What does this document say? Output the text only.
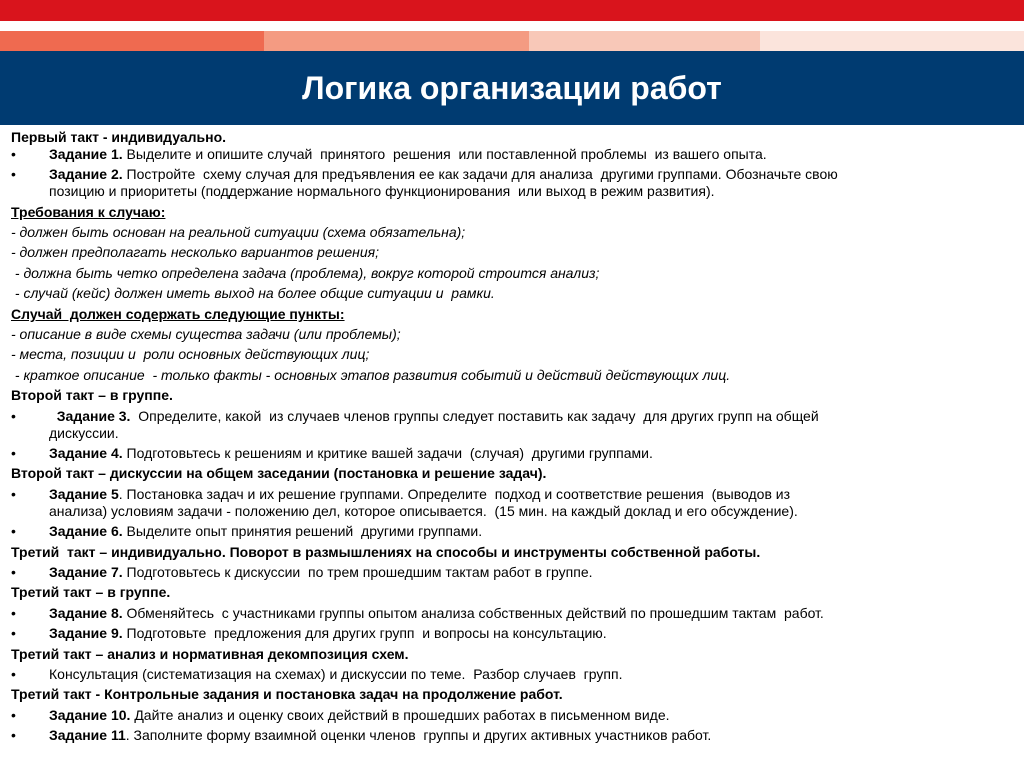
Логика организации работ
Первый такт - индивидуально.
•	Задание 1. Выделите и опишите случай  принятого  решения  или поставленной проблемы  из вашего опыта.
•	Задание 2. Постройте  схему случая для предъявления ее как задачи для анализа  другими группами. Обозначьте свою
позицию и приоритеты (поддержание нормального функционирования  или выход в режим развития).
Требования к случаю:
- должен быть основан на реальной ситуации (схема обязательна);
- должен предполагать несколько вариантов решения;
- должна быть четко определена задача (проблема), вокруг которой строится анализ;
- случай (кейс) должен иметь выход на более общие ситуации и  рамки.
Случай  должен содержать следующие пункты:
- описание в виде схемы существа задачи (или проблемы);
- места, позиции и  роли основных действующих лиц;
- краткое описание  - только факты - основных этапов развития событий и действий действующих лиц.
Второй такт – в группе.
•	Задание 3.  Определите, какой  из случаев членов группы следует поставить как задачу  для других групп на общей
дискуссии.
•	Задание 4. Подготовьтесь к решениям и критике вашей задачи  (случая)  другими группами.
Второй такт – дискуссии на общем заседании (постановка и решение задач).
•	Задание 5. Постановка задач и их решение группами. Определите  подход и соответствие решения  (выводов из
анализа) условиям задачи - положению дел, которое описывается.  (15 мин. на каждый доклад и его обсуждение).
•	Задание 6. Выделите опыт принятия решений  другими группами.
Третий  такт – индивидуально. Поворот в размышлениях на способы и инструменты собственной работы.
•	Задание 7. Подготовьтесь к дискуссии  по трем прошедшим тактам работ в группе.
Третий такт – в группе.
•	Задание 8. Обменяйтесь  с участниками группы опытом анализа собственных действий по прошедшим тактам  работ.
•	Задание 9. Подготовьте  предложения для других групп  и вопросы на консультацию.
Третий такт – анализ и нормативная декомпозиция схем.
•	Консультация (систематизация на схемах) и дискуссии по теме.  Разбор случаев  групп.
Третий такт - Контрольные задания и постановка задач на продолжение работ.
•	Задание 10. Дайте анализ и оценку своих действий в прошедших работах в письменном виде.
•	Задание 11. Заполните форму взаимной оценки членов  группы и других активных участников работ.
